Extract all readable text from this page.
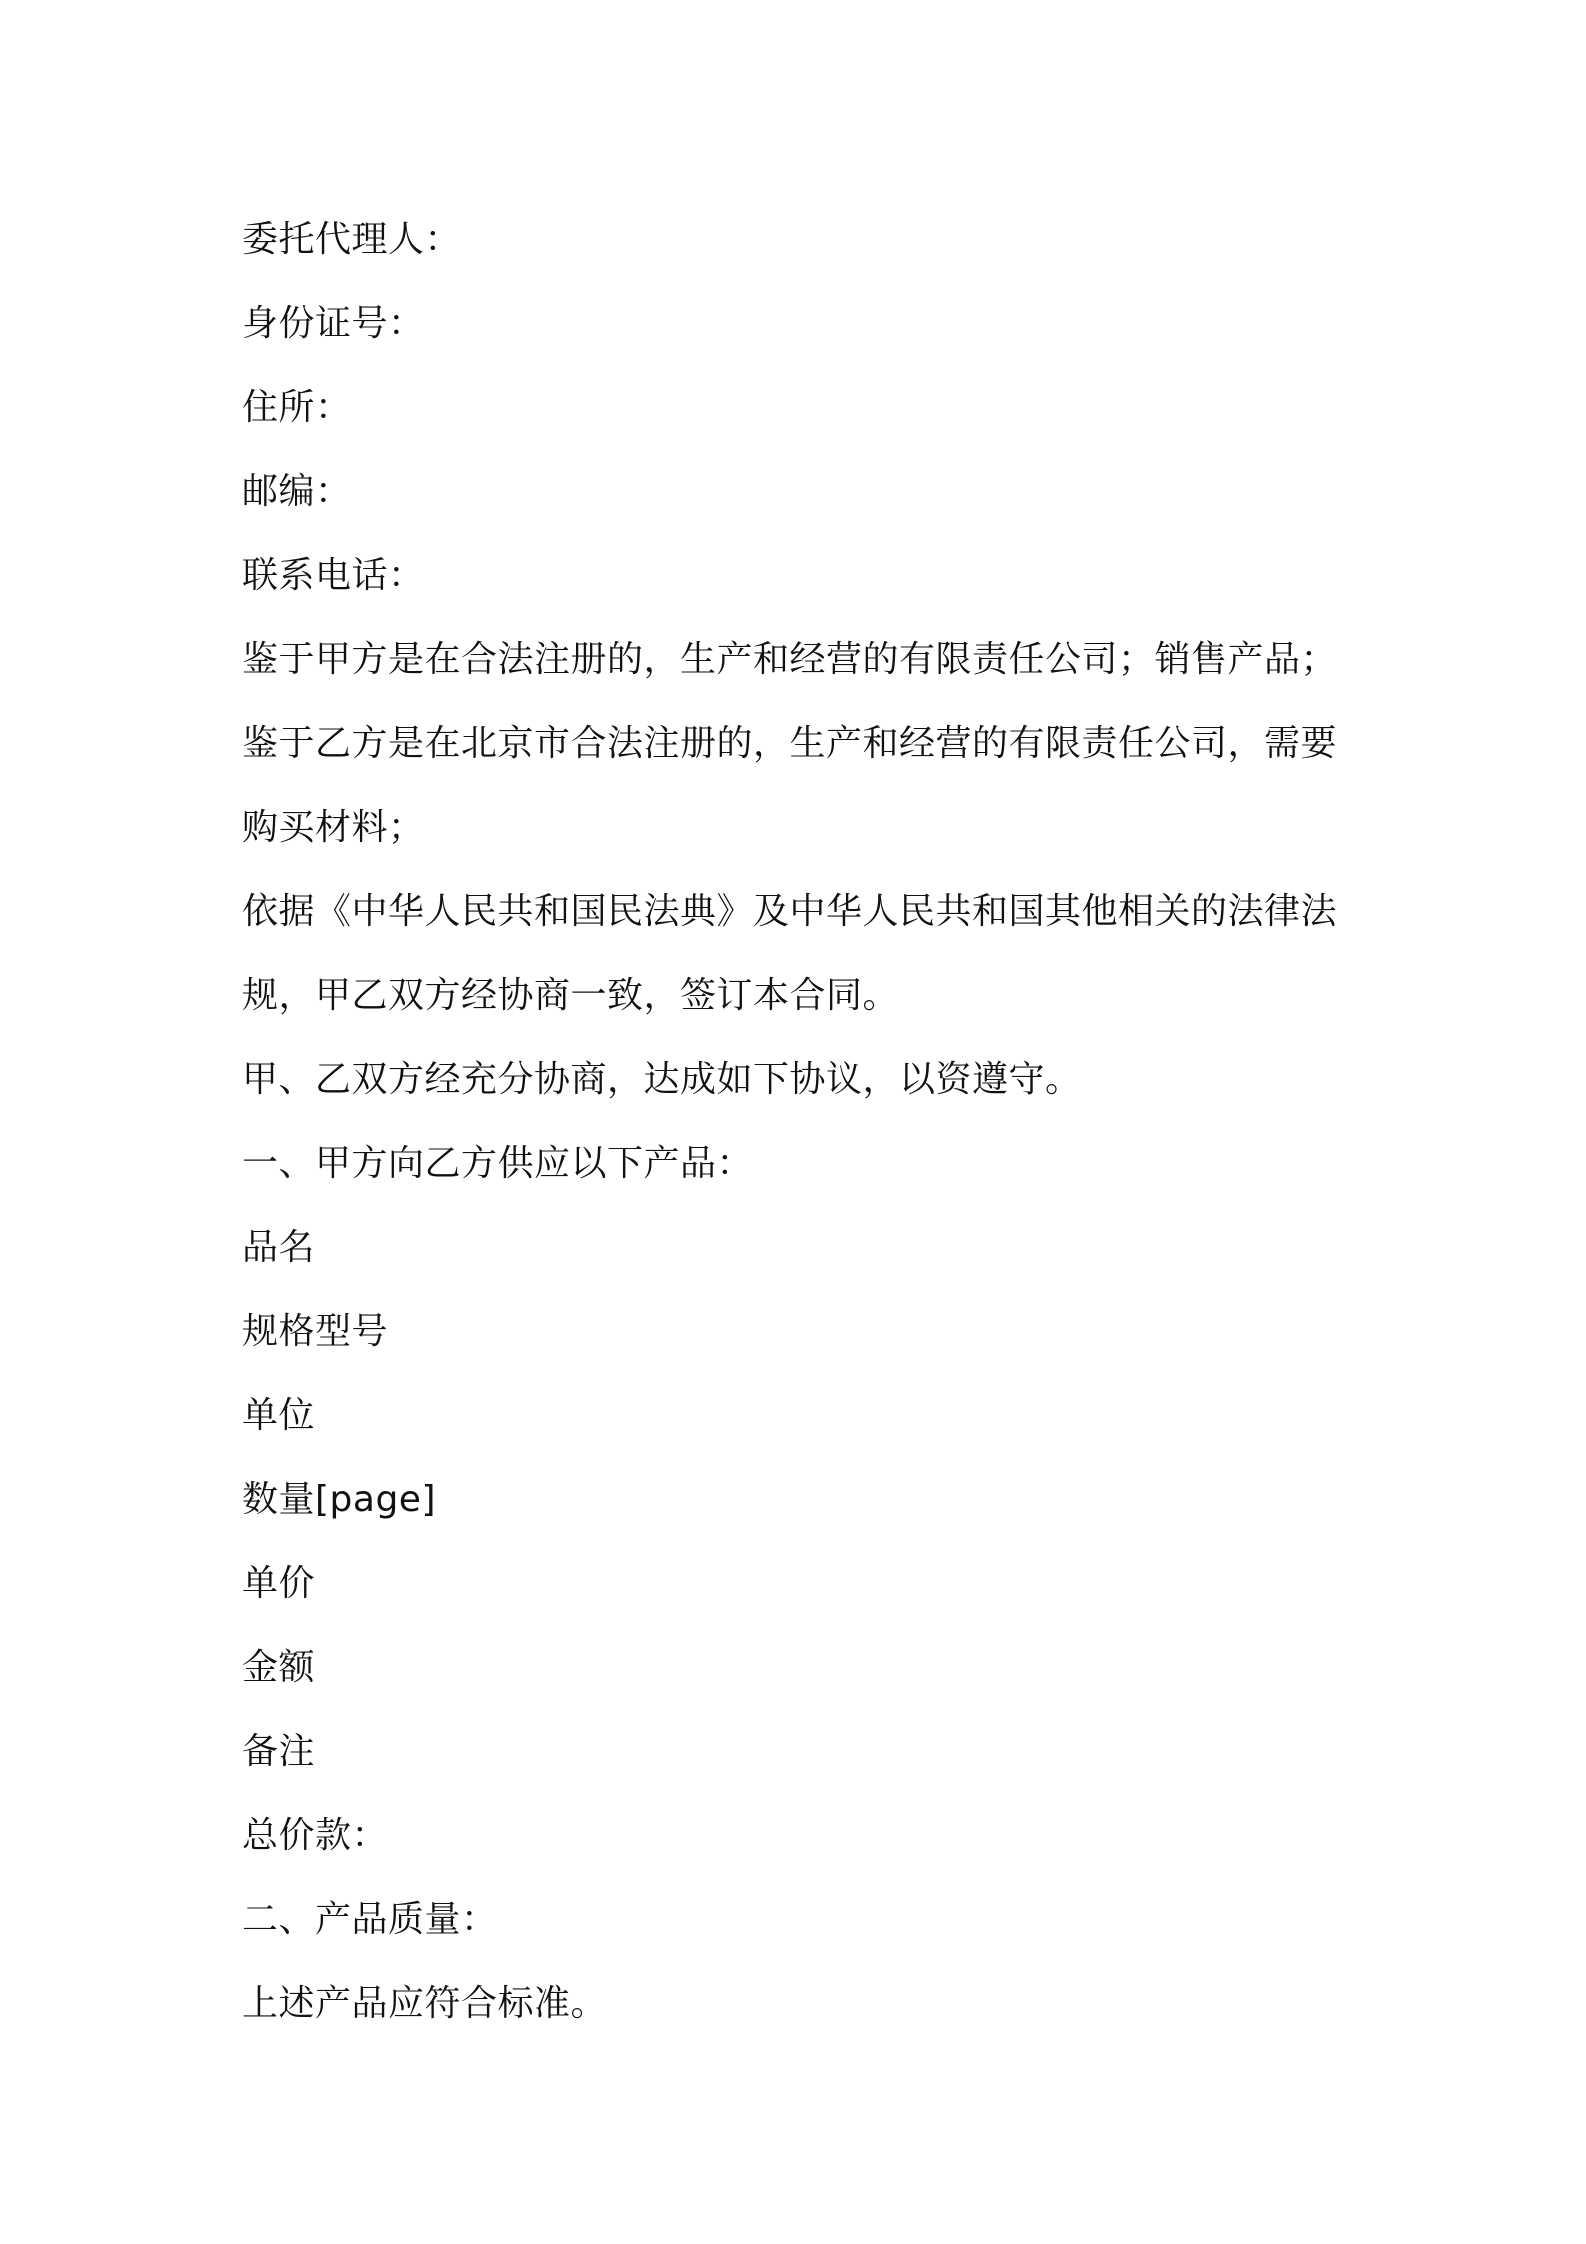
委托代理人：

身份证号：

住所：

邮编：

联系电话：

鉴于甲方是在合法注册的，生产和经营的有限责任公司；销售产品；

鉴于乙方是在北京市合法注册的，生产和经营的有限责任公司，需要

购买材料；

依据《中华人民共和国民法典》及中华人民共和国其他相关的法律法

规，甲乙双方经协商一致，签订本合同。

甲、乙双方经充分协商，达成如下协议，以资遵守。

一、甲方向乙方供应以下产品：

品名

规格型号

单位

数量[page]

单价

金额

备注

总价款：

二、产品质量：

上述产品应符合标准。
